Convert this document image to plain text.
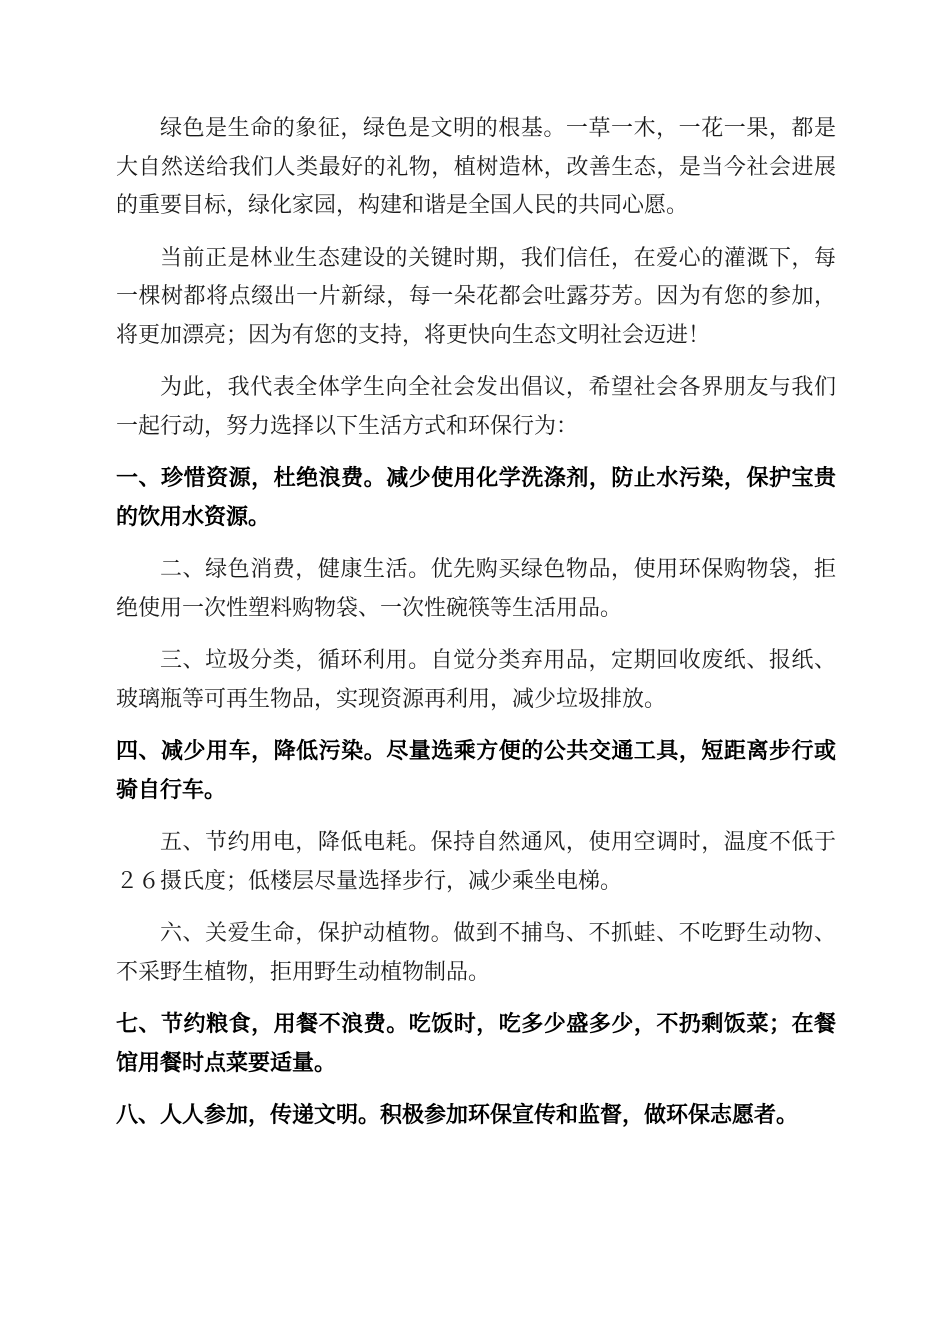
绿色是生命的象征，绿色是文明的根基。一草一木，一花一果，都是大自然送给我们人类最好的礼物，植树造林，改善生态，是当今社会进展的重要目标，绿化家园，构建和谐是全国人民的共同心愿。

当前正是林业生态建设的关键时期，我们信任，在爱心的灌溉下，每一棵树都将点缀出一片新绿，每一朵花都会吐露芬芳。因为有您的参加，将更加漂亮；因为有您的支持，将更快向生态文明社会迈进！

为此，我代表全体学生向全社会发出倡议，希望社会各界朋友与我们一起行动，努力选择以下生活方式和环保行为：

一、珍惜资源，杜绝浪费。减少使用化学洗涤剂，防止水污染，保护宝贵的饮用水资源。

二、绿色消费，健康生活。优先购买绿色物品，使用环保购物袋，拒绝使用一次性塑料购物袋、一次性碗筷等生活用品。

三、垃圾分类，循环利用。自觉分类弃用品，定期回收废纸、报纸、玻璃瓶等可再生物品，实现资源再利用，减少垃圾排放。

四、减少用车，降低污染。尽量选乘方便的公共交通工具，短距离步行或骑自行车。

五、节约用电，降低电耗。保持自然通风，使用空调时，温度不低于２６摄氏度；低楼层尽量选择步行，减少乘坐电梯。

六、关爱生命，保护动植物。做到不捕鸟、不抓蛙、不吃野生动物、不采野生植物，拒用野生动植物制品。

七、节约粮食，用餐不浪费。吃饭时，吃多少盛多少，不扔剩饭菜；在餐馆用餐时点菜要适量。

八、人人参加，传递文明。积极参加环保宣传和监督，做环保志愿者。
